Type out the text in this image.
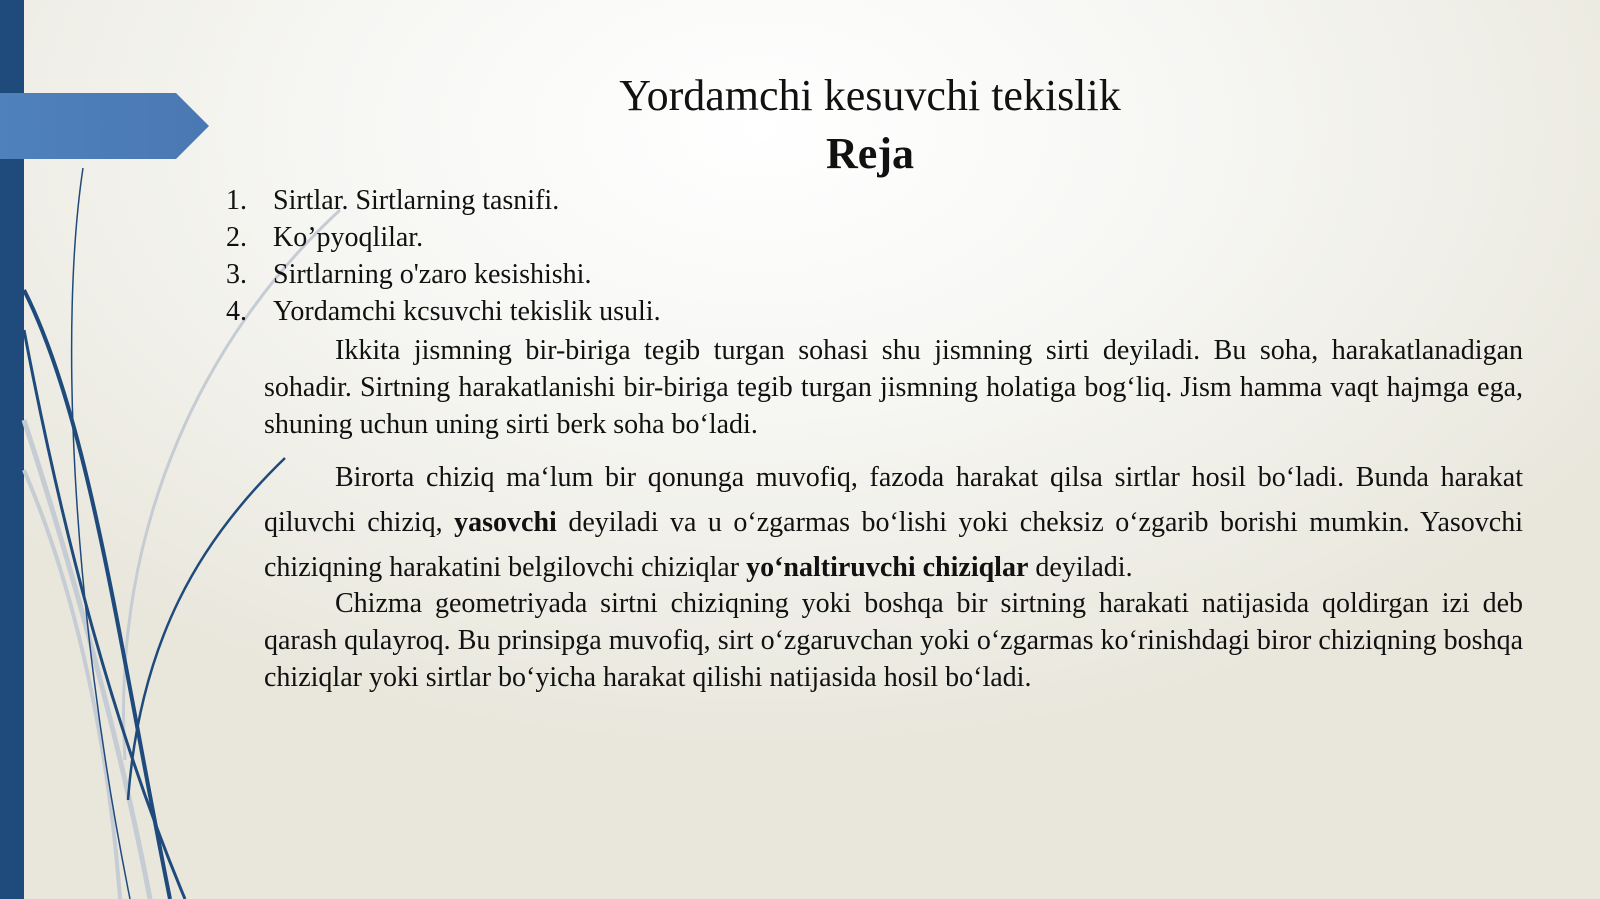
Yordamchi kesuvchi tekislik
Reja
1. Sirtlar. Sirtlarning tasnifi.
2. Ko’pyoqlilar.
3. Sirtlarning o'zaro kesishishi.
4. Yordamchi kcsuvchi tekislik usuli.

Ikkita jismning bir-biriga tegib turgan sohasi shu jismning sirti deyiladi. Bu soha, harakatlanadigan sohadir. Sirtning harakatlanishi bir-biriga tegib turgan jismning holatiga bog‘liq. Jism hamma vaqt hajmga ega, shuning uchun uning sirti berk soha bo‘ladi.

Birorta chiziq ma‘lum bir qonunga muvofiq, fazoda harakat qilsa sirtlar hosil bo‘ladi. Bunda harakat qiluvchi chiziq, yasovchi deyiladi va u o‘zgarmas bo‘lishi yoki cheksiz o‘zgarib borishi mumkin. Yasovchi chiziqning harakatini belgilovchi chiziqlar yo‘naltiruvchi chiziqlar deyiladi.

Chizma geometriyada sirtni chiziqning yoki boshqa bir sirtning harakati natijasida qoldirgan izi deb qarash qulayroq. Bu prinsipga muvofiq, sirt o‘zgaruvchan yoki o‘zgarmas ko‘rinishdagi biror chiziqning boshqa chiziqlar yoki sirtlar bo‘yicha harakat qilishi natijasida hosil bo‘ladi.
